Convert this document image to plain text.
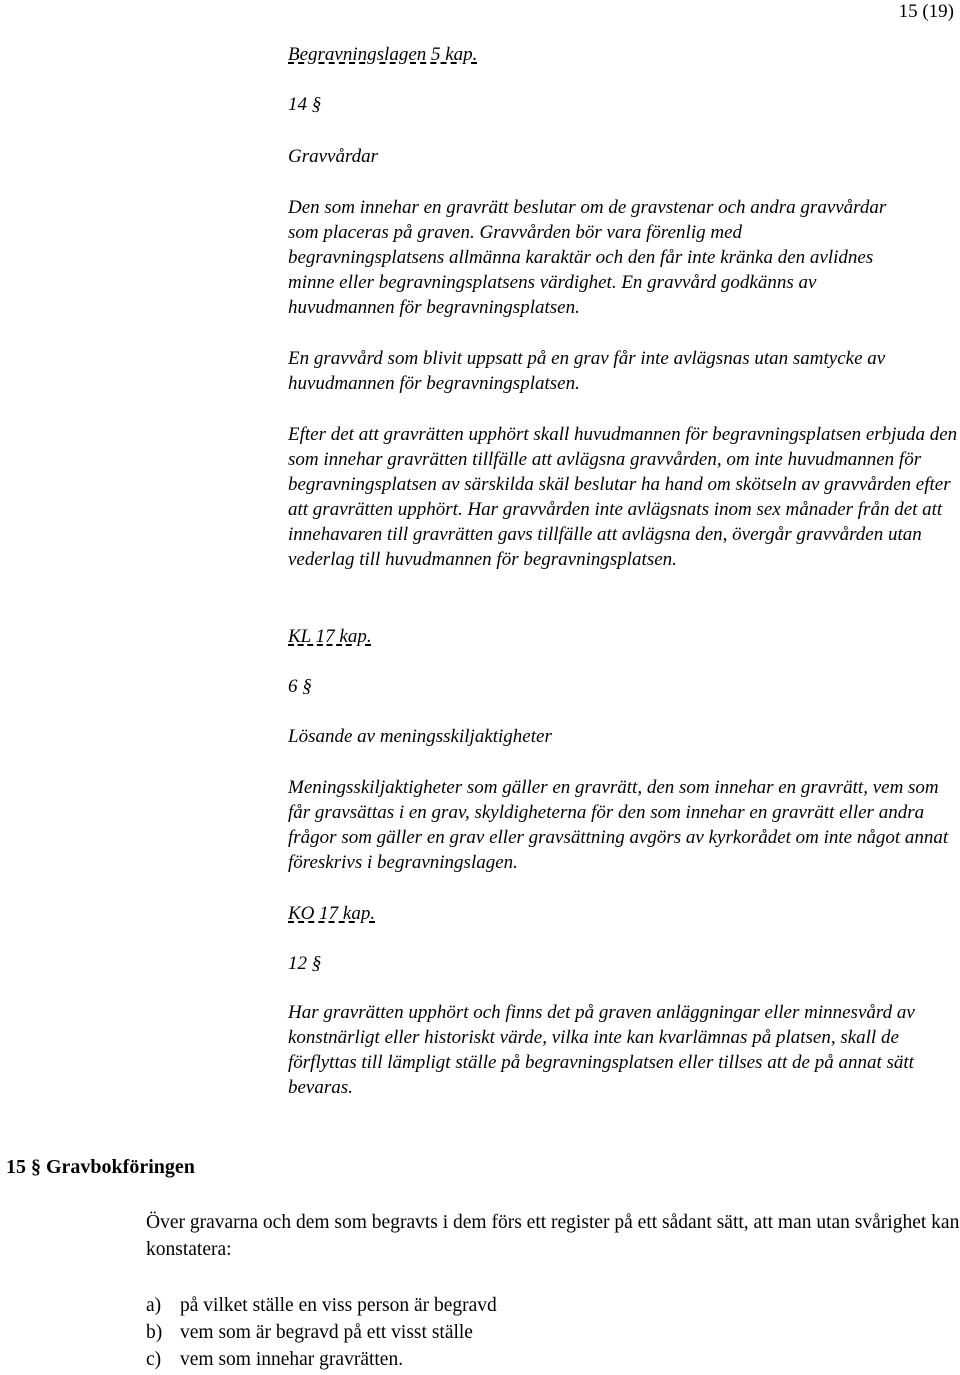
15 (19)
Begravningslagen 5 kap.
14 §
Gravvårdar
Den som innehar en gravrätt beslutar om de gravstenar och andra gravvårdar som placeras på graven. Gravvården bör vara förenlig med begravningsplatsens allmänna karaktär och den får inte kränka den avlidnes minne eller begravningsplatsens värdighet. En gravvård godkänns av huvudmannen för begravningsplatsen.
En gravvård som blivit uppsatt på en grav får inte avlägsnas utan samtycke av huvudmannen för begravningsplatsen.
Efter det att gravrätten upphört skall huvudmannen för begravningsplatsen erbjuda den som innehar gravrätten tillfälle att avlägsna gravvården, om inte huvudmannen för begravningsplatsen av särskilda skäl beslutar ha hand om skötseln av gravvården efter att gravrätten upphört. Har gravvården inte avlägsnats inom sex månader från det att innehavaren till gravrätten gavs tillfälle att avlägsna den, övergår gravvården utan vederlag till huvudmannen för begravningsplatsen.
KL 17 kap.
6 §
Lösande av meningsskiljaktigheter
Meningsskiljaktigheter som gäller en gravrätt, den som innehar en gravrätt, vem som får gravsättas i en grav, skyldigheterna för den som innehar en gravrätt eller andra frågor som gäller en grav eller gravsättning avgörs av kyrkorådet om inte något annat föreskrivs i begravningslagen.
KO 17 kap.
12 §
Har gravrätten upphört och finns det på graven anläggningar eller minnesvård av konstnärligt eller historiskt värde, vilka inte kan kvarlämnas på platsen, skall de förflyttas till lämpligt ställe på begravningsplatsen eller tillses att de på annat sätt bevaras.
15 § Gravbokföringen
Över gravarna och dem som begravts i dem förs ett register på ett sådant sätt, att man utan svårighet kan konstatera:
a) på vilket ställe en viss person är begravd
b) vem som är begravd på ett visst ställe
c) vem som innehar gravrätten.
